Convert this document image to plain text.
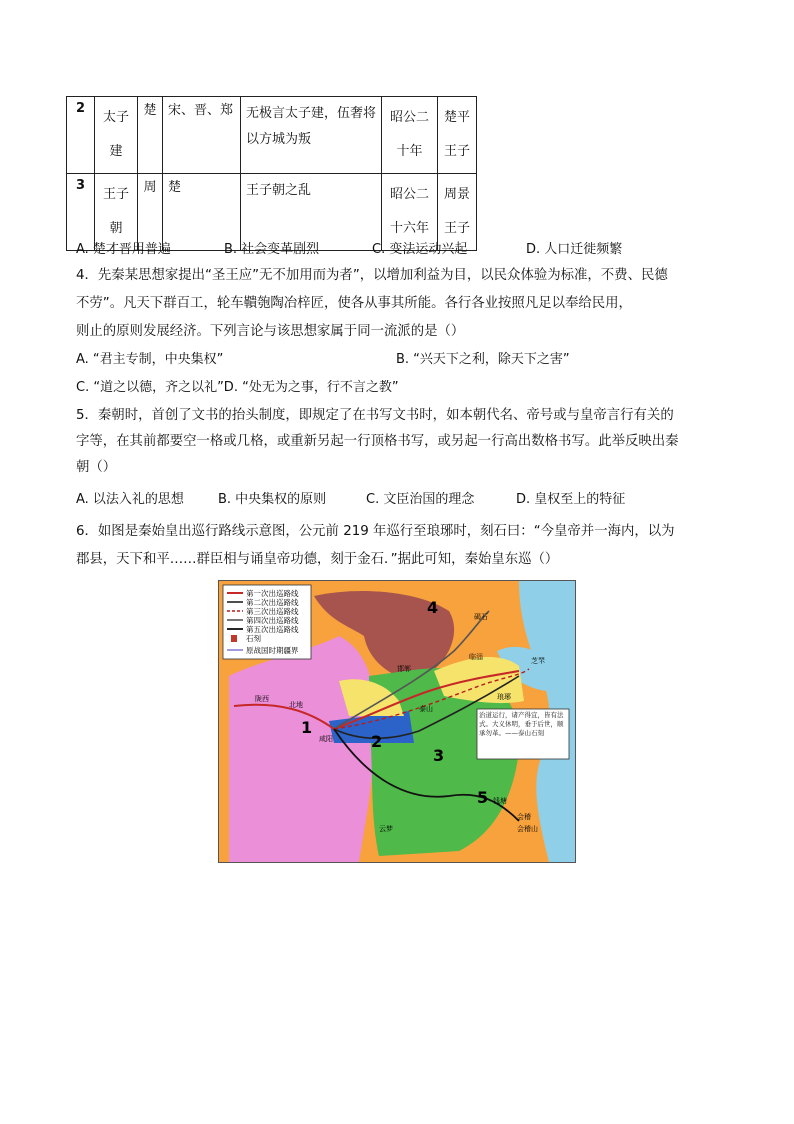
2	太子建	楚	宋、晋、郑	无极言太子建，伍奢将以方城为叛	昭公二十年	楚平王子
3	王子朝	周	楚	王子朝之乱	昭公二十六年	周景王子
A. 楚才晋用普遍	B. 社会变革剧烈	C. 变法运动兴起	D. 人口迁徙频繁
4．先秦某思想家提出“圣王应”无不加用而为者”，以增加利益为目，以民众体验为标准，不费、民德
不劳”。凡天下群百工，轮车鞼匏陶冶梓匠，使各从事其所能。各行各业按照凡足以奉给民用，
则止的原则发展经济。下列言论与该思想家属于同一流派的是（）
A. “君主专制，中央集权”	B. “兴天下之利，除天下之害”
C. “道之以德，齐之以礼”D. “处无为之事，行不言之教”
5．秦朝时，首创了文书的抬头制度，即规定了在书写文书时，如本朝代名、帝号或与皇帝言行有关的
字等，在其前都要空一格或几格，或重新另起一行顶格书写，或另起一行高出数格书写。此举反映出秦
朝（）
A. 以法入礼的思想	B. 中央集权的原则	C. 文臣治国的理念	D. 皇权至上的特征
6．如图是秦始皇出巡行路线示意图，公元前 219 年巡行至琅琊时，刻石曰：“今皇帝并一海内，以为
郡县，天下和平……群臣相与诵皇帝功德，刻于金石．”据此可知，秦始皇东巡（）
第一次出巡路线
第二次出巡路线
第三次出巡路线
第四次出巡路线
第五次出巡路线
石刻
原战国时期疆界
1
2
3
4
5
陇西
北地
咸阳
碣石
临淄
邯郸
泰山
琅琊
会稽
芝罘
云梦
钱塘
会稽山
治道运行，诸产得宜，皆有法式。大义休明，垂于后世，顺承勿革。——泰山石刻
